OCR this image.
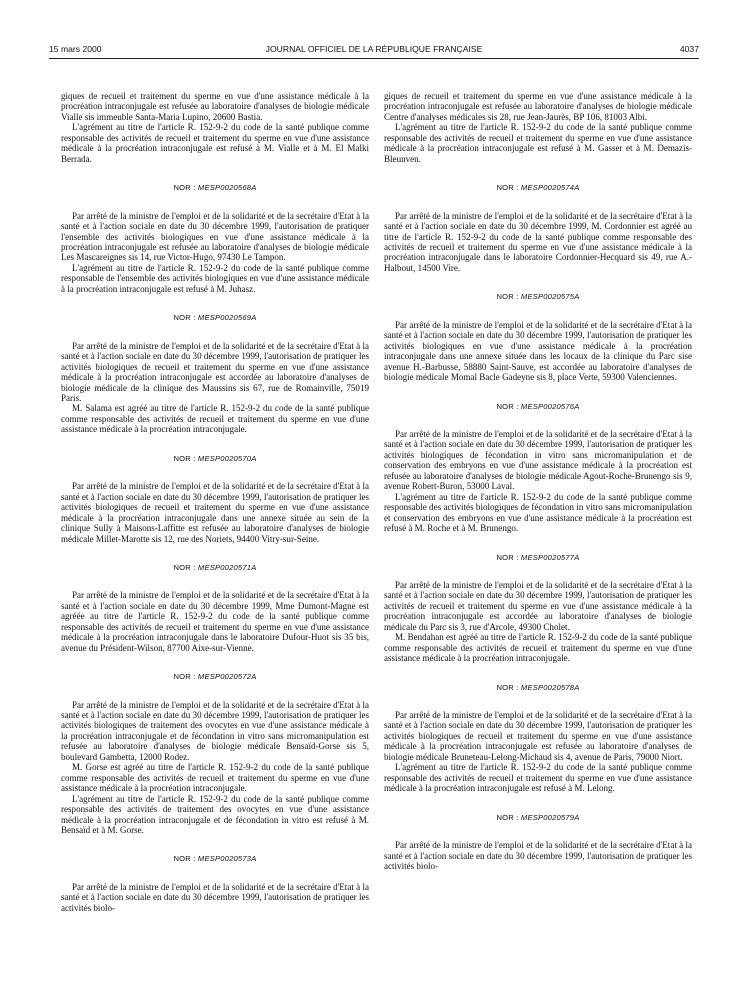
15 mars 2000	JOURNAL OFFICIEL DE LA RÉPUBLIQUE FRANÇAISE	4037

giques de recueil et traitement du sperme en vue d'une assistance médicale à la procréation intraconjugale est refusée au laboratoire d'analyses de biologie médicale Vialle sis immeuble Santa-Maria Lupino, 20600 Bastia.

L'agrément au titre de l'article R. 152-9-2 du code de la santé publique comme responsable des activités de recueil et traitement du sperme en vue d'une assistance médicale à la procréation intraconjugale est refusé à M. Vialle et à M. El Malki Berrada.

NOR : MESP0020568A

Par arrêté de la ministre de l'emploi et de la solidarité et de la secrétaire d'Etat à la santé et à l'action sociale en date du 30 décembre 1999, l'autorisation de pratiquer l'ensemble des activités biologiques en vue d'une assistance médicale à la procréation intraconjugale est refusée au laboratoire d'analyses de biologie médicale Les Mascareignes sis 14, rue Victor-Hugo, 97430 Le Tampon.

L'agrément au titre de l'article R. 152-9-2 du code de la santé publique comme responsable de l'ensemble des activités biologiques en vue d'une assistance médicale à la procréation intraconjugale est refusé à M. Juhasz.

NOR : MESP0020569A

Par arrêté de la ministre de l'emploi et de la solidarité et de la secrétaire d'Etat à la santé et à l'action sociale en date du 30 décembre 1999, l'autorisation de pratiquer les activités biologiques de recueil et traitement du sperme en vue d'une assistance médicale à la procréation intraconjugale est accordée au laboratoire d'analyses de biologie médicale de la clinique des Maussins sis 67, rue de Romainville, 75019 Paris.

M. Salama est agréé au titre de l'article R. 152-9-2 du code de la santé publique comme responsable des activités de recueil et traitement du sperme en vue d'une assistance médicale à la procréation intraconjugale.

NOR : MESP0020570A

Par arrêté de la ministre de l'emploi et de la solidarité et de la secrétaire d'Etat à la santé et à l'action sociale en date du 30 décembre 1999, l'autorisation de pratiquer les activités biologiques de recueil et traitement du sperme en vue d'une assistance médicale à la procréation intraconjugale dans une annexe située au sein de la clinique Sully à Maisons-Laffitte est refusée au laboratoire d'analyses de biologie médicale Millet-Marotte sis 12, rue des Noriets, 94400 Vitry-sur-Seine.

NOR : MESP0020571A

Par arrêté de la ministre de l'emploi et de la solidarité et de la secrétaire d'Etat à la santé et à l'action sociale en date du 30 décembre 1999, Mme Dumont-Magne est agréée au titre de l'article R. 152-9-2 du code de la santé publique comme responsable des activités de recueil et traitement du sperme en vue d'une assistance médicale à la procréation intraconjugale dans le laboratoire Dufour-Huot sis 35 bis, avenue du Président-Wilson, 87700 Aixe-sur-Vienne.

NOR : MESP0020572A

Par arrêté de la ministre de l'emploi et de la solidarité et de la secrétaire d'Etat à la santé et à l'action sociale en date du 30 décembre 1999, l'autorisation de pratiquer les activités biologiques de traitement des ovocytes en vue d'une assistance médicale à la procréation intraconjugale et de fécondation in vitro sans micromanipulation est refusée au laboratoire d'analyses de biologie médicale Bensaïd-Gorse sis 5, boulevard Gambetta, 12000 Rodez.

M. Gorse est agréé au titre de l'article R. 152-9-2 du code de la santé publique comme responsable des activités de recueil et traitement du sperme en vue d'une assistance médicale à la procréation intraconjugale.

L'agrément au titre de l'article R. 152-9-2 du code de la santé publique comme responsable des activités de traitement des ovocytes en vue d'une assistance médicale à la procréation intraconjugale et de fécondation in vitro est refusé à M. Bensaïd et à M. Gorse.

NOR : MESP0020573A

Par arrêté de la ministre de l'emploi et de la solidarité et de la secrétaire d'Etat à la santé et à l'action sociale en date du 30 décembre 1999, l'autorisation de pratiquer les activités biolo-

giques de recueil et traitement du sperme en vue d'une assistance médicale à la procréation intraconjugale est refusée au laboratoire d'analyses de biologie médicale Centre d'analyses médicales sis 28, rue Jean-Jaurès, BP 106, 81003 Albi.

L'agrément au titre de l'article R. 152-9-2 du code de la santé publique comme responsable des activités de recueil et traitement du sperme en vue d'une assistance médicale à la procréation intraconjugale est refusé à M. Gasser et à M. Demazis-Bleunven.

NOR : MESP0020574A

Par arrêté de la ministre de l'emploi et de la solidarité et de la secrétaire d'Etat à la santé et à l'action sociale en date du 30 décembre 1999, M. Cordonnier est agréé au titre de l'article R. 152-9-2 du code de la santé publique comme responsable des activités de recueil et traitement du sperme en vue d'une assistance médicale à la procréation intraconjugale dans le laboratoire Cordonnier-Hecquard sis 49, rue A.-Halbout, 14500 Vire.

NOR : MESP0020575A

Par arrêté de la ministre de l'emploi et de la solidarité et de la secrétaire d'Etat à la santé et à l'action sociale en date du 30 décembre 1999, l'autorisation de pratiquer les activités biologiques en vue d'une assistance médicale à la procréation intraconjugale dans une annexe située dans les locaux de la clinique du Parc sise avenue H.-Barbusse, 58880 Saint-Sauve, est accordée au laboratoire d'analyses de biologie médicale Momal Bacle Gadeyne sis 8, place Verte, 59300 Valenciennes.

NOR : MESP0020576A

Par arrêté de la ministre de l'emploi et de la solidarité et de la secrétaire d'Etat à la santé et à l'action sociale en date du 30 décembre 1999, l'autorisation de pratiquer les activités biologiques de fécondation in vitro sans micromanipulation et de conservation des embryons en vue d'une assistance médicale à la procréation est refusée au laboratoire d'analyses de biologie médicale Agout-Roche-Brunengo sis 9, avenue Robert-Buron, 53000 Laval.

L'agrément au titre de l'article R. 152-9-2 du code de la santé publique comme responsable des activités biologiques de fécondation in vitro sans micromanipulation et conservation des embryons en vue d'une assistance médicale à la procréation est refusé à M. Roche et à M. Brunengo.

NOR : MESP0020577A

Par arrêté de la ministre de l'emploi et de la solidarité et de la secrétaire d'Etat à la santé et à l'action sociale en date du 30 décembre 1999, l'autorisation de pratiquer les activités de recueil et traitement du sperme en vue d'une assistance médicale à la procréation intraconjugale est accordée au laboratoire d'analyses de biologie médicale du Parc sis 3, rue d'Arcole, 49300 Cholet.

M. Bendahan est agréé au titre de l'article R. 152-9-2 du code de la santé publique comme responsable des activités de recueil et traitement du sperme en vue d'une assistance médicale à la procréation intraconjugale.

NOR : MESP0020578A

Par arrêté de la ministre de l'emploi et de la solidarité et de la secrétaire d'Etat à la santé et à l'action sociale en date du 30 décembre 1999, l'autorisation de pratiquer les activités biologiques de recueil et traitement du sperme en vue d'une assistance médicale à la procréation intraconjugale est refusée au laboratoire d'analyses de biologie médicale Bruneteau-Lelong-Michaud sis 4, avenue de Paris, 79000 Niort.

L'agrément au titre de l'article R. 152-9-2 du code de la santé publique comme responsable des activités de recueil et traitement du sperme en vue d'une assistance médicale à la procréation intraconjugale est refusé à M. Lelong.

NOR : MESP0020579A

Par arrêté de la ministre de l'emploi et de la solidarité et de la secrétaire d'Etat à la santé et à l'action sociale en date du 30 décembre 1999, l'autorisation de pratiquer les activités biolo-
